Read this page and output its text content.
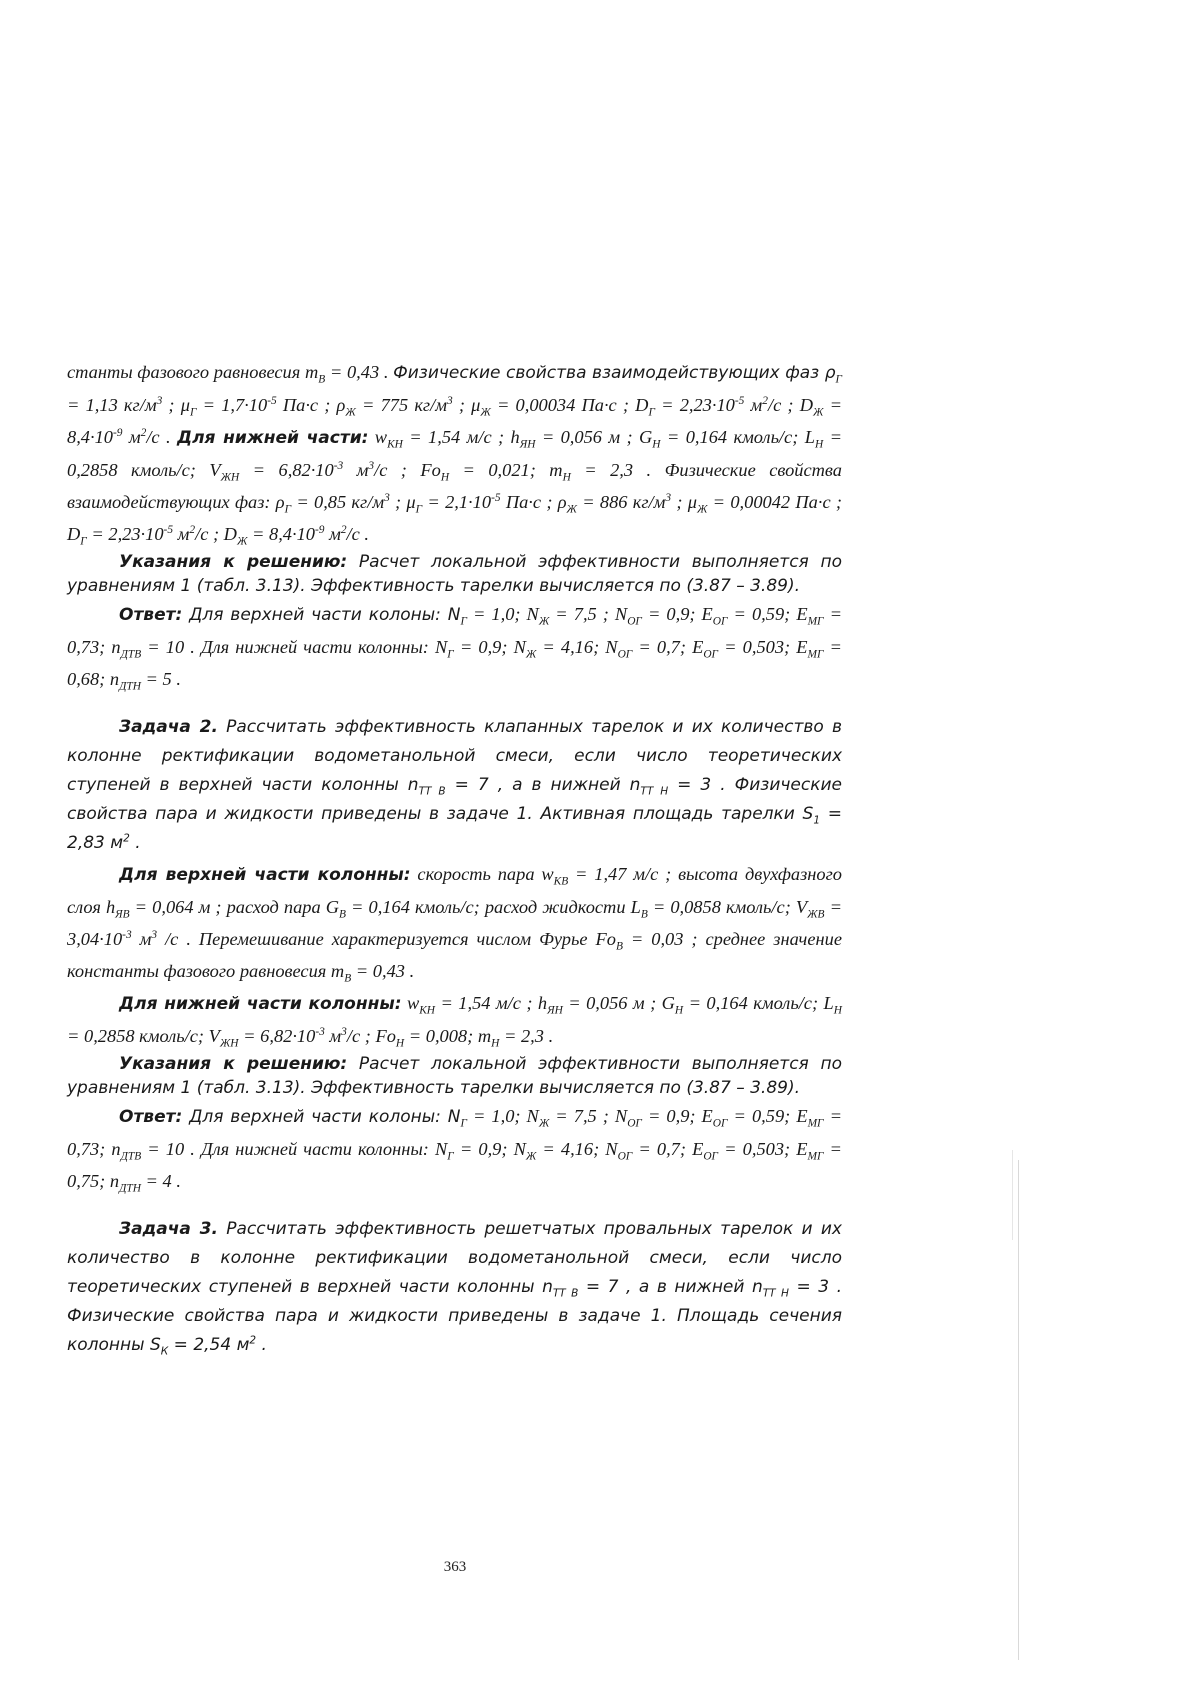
станты фазового равновесия $m_В = 0,43$ . Физические свойства взаимодействующих фаз $\rho_Г = 1,13$ $кг/м^3$ ; $\mu_Г = 1,7\cdot 10^{-5}$ Па·с ; $\rho_Ж = 775$ $кг/м^3$ ; $\mu_Ж = 0,00034$ Па·с ; $D_Г = 2,23\cdot 10^{-5}$ $м^2/с$ ; $D_Ж = 8,4\cdot 10^{-9}$ $м^2/с$ . Для нижней части: $w_{КН} = 1,54$ м/с ; $h_{ЯН} = 0,056$ м ; $G_Н = 0,164$ кмоль/с; $L_Н = 0,2858$ кмоль/с; $V_{ЖН} = 6,82\cdot 10^{-3}$ $м^3/с$ ; $Fo_Н = 0,021$; $m_Н = 2,3$ . Физические свойства взаимодействующих фаз: $\rho_Г = 0,85$ $кг/м^3$ ; $\mu_Г = 2,1\cdot 10^{-5}$ Па·с ; $\rho_Ж = 886$ $кг/м^3$ ; $\mu_Ж = 0,00042$ Па·с ; $D_Г = 2,23\cdot 10^{-5}$ $м^2/с$ ; $D_Ж = 8,4\cdot 10^{-9}$ $м^2/с$ .

Указания к решению: Расчет локальной эффективности выполняется по уравнениям 1 (табл. 3.13). Эффективность тарелки вычисляется по (3.87 – 3.89).

Ответ: Для верхней части колоны: $N_Г = 1,0$; $N_Ж = 7,5$ ; $N_{ОГ} = 0,9$; $E_{ОГ} = 0,59$; $E_{МГ} = 0,73$; $n_{ДТВ} = 10$ . Для нижней части колонны: $N_Г = 0,9$; $N_Ж = 4,16$; $N_{ОГ} = 0,7$; $E_{ОГ} = 0,503$; $E_{МГ} = 0,68$; $n_{ДТН} = 5$ .

Задача 2. Рассчитать эффективность клапанных тарелок и их количество в колонне ректификации водометанольной смеси, если число теоретических ступеней в верхней части колонны $n_{ТТ В} = 7$ , а в нижней $n_{ТТ Н} = 3$ . Физические свойства пара и жидкости приведены в задаче 1. Активная площадь тарелки $S_1 = 2,83$ $м^2$ .

Для верхней части колонны: скорость пара $w_{КВ} = 1,47$ м/с ; высота двухфазного слоя $h_{ЯВ} = 0,064$ м ; расход пара $G_В = 0,164$ кмоль/с; расход жидкости $L_В = 0,0858$ кмоль/с; $V_{ЖВ} = 3,04\cdot 10^{-3}$ $м^3$ /с . Перемешивание характеризуется числом Фурье $Fo_В = 0,03$ ; среднее значение константы фазового равновесия $m_В = 0,43$ .

Для нижней части колонны: $w_{КН} = 1,54$ м/с ; $h_{ЯН} = 0,056$ м ; $G_Н = 0,164$ кмоль/с; $L_Н = 0,2858$ кмоль/с; $V_{ЖН} = 6,82\cdot 10^{-3}$ $м^3/с$ ; $Fo_Н = 0,008$; $m_Н = 2,3$ .

Указания к решению: Расчет локальной эффективности выполняется по уравнениям 1 (табл. 3.13). Эффективность тарелки вычисляется по (3.87 – 3.89).

Ответ: Для верхней части колоны: $N_Г = 1,0$; $N_Ж = 7,5$ ; $N_{ОГ} = 0,9$; $E_{ОГ} = 0,59$; $E_{МГ} = 0,73$; $n_{ДТВ} = 10$ . Для нижней части колонны: $N_Г = 0,9$; $N_Ж = 4,16$; $N_{ОГ} = 0,7$; $E_{ОГ} = 0,503$; $E_{МГ} = 0,75$; $n_{ДТН} = 4$ .

Задача 3. Рассчитать эффективность решетчатых провальных тарелок и их количество в колонне ректификации водометанольной смеси, если число теоретических ступеней в верхней части колонны $n_{ТТ В} = 7$ , а в нижней $n_{ТТ Н} = 3$ . Физические свойства пара и жидкости приведены в задаче 1. Площадь сечения колонны $S_К = 2,54$ $м^2$ .

363
